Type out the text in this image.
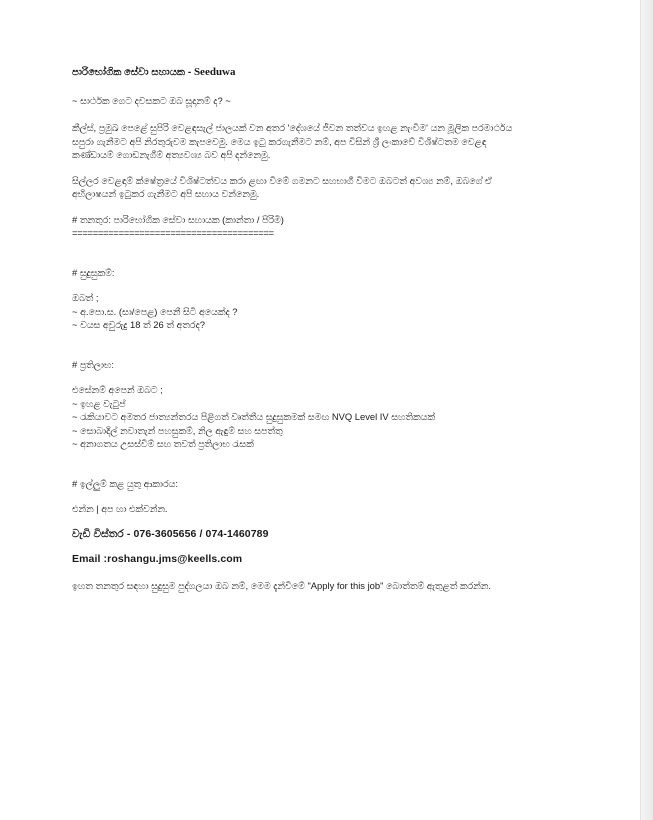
පාරිභෝගික සේවා සහායක - Seeduwa

~ සාර්ථක ගෙට දවසකට ඔබ සූදානම් ද? ~

කීල්ස්, ප්‍රමුඛ පෙළේ සුපිරි වෙළඳසැල් ජාලයක් වන අතර 'දේශයේ ජීවන තත්වය ඉහළ නැංවීම' යන මූලික පරමාර්ථය

සපුරා ගැනීමට අපි නිරතුරුවම කැපවෙමු. මෙය ඉටු කරගැනීමට නම්, අප විසින් ශ්‍රී ලංකාවේ විශිෂ්ටතම වෙළඳ

කණ්ඩායම් ගොඩනැගීම් අත්‍යවශ්‍ය බව අපි දන්නෙමු.

සිල්ලර වෙළඳාම් ක්ෂේත්‍රයේ විශිෂ්ටත්වය කරා ළඟා වීමේ ගමනට සහභාගී වීමට ඔබටත් අවශ්‍ය නම්, ඔබගේ ඒ

අභිලාෂයන් ඉටුකර ගැනීමට අපි සහාය වන්නෙමු.

# තනතුර: පාරිභෝගික සේවා සහායක (කාන්තා / පිරිමි)

=======================================

# සුදුසුකම්:

ඔබත් ;

~ අ.පො.ස. (සා/පෙළ) පෙනී සිටි අයෙක්ද ?

~ වයස අවුරුදු 18 ත් 26 ත් අතරද?

# ප්‍රතිලාභ:

එසේනම් අපෙන් ඔබට ;

~ ඉහළ වැටුප්

~ රැකියාවට අමතර ජාත්‍යන්තරය පිළිගත් වෘත්තීය සුදුසුකමක් සමඟ NVQ Level IV සහතිකයක්

~ සොබාදිල් නවාතැන් පහසුකම්, නිල ඇඳුම් සහ සපත්තු

~ අනාගතය උසස්වීම් සහ තවත් ප්‍රතිලාභ රැසක්

# ඉල්ලුම් කළ යුතු ආකාරය:

එන්න | අප හා එක්වන්න.

වැඩි විස්තර - 076-3605656 / 074-1460789

Email :roshangu.jms@keells.com

ඉහත තනතුර සඳහා සුදුසුම පුද්ගලයා ඔබ නම්, මෙම දැන්වීමේ "Apply for this job" බොත්තම් ඇතුළත් කරන්න.
